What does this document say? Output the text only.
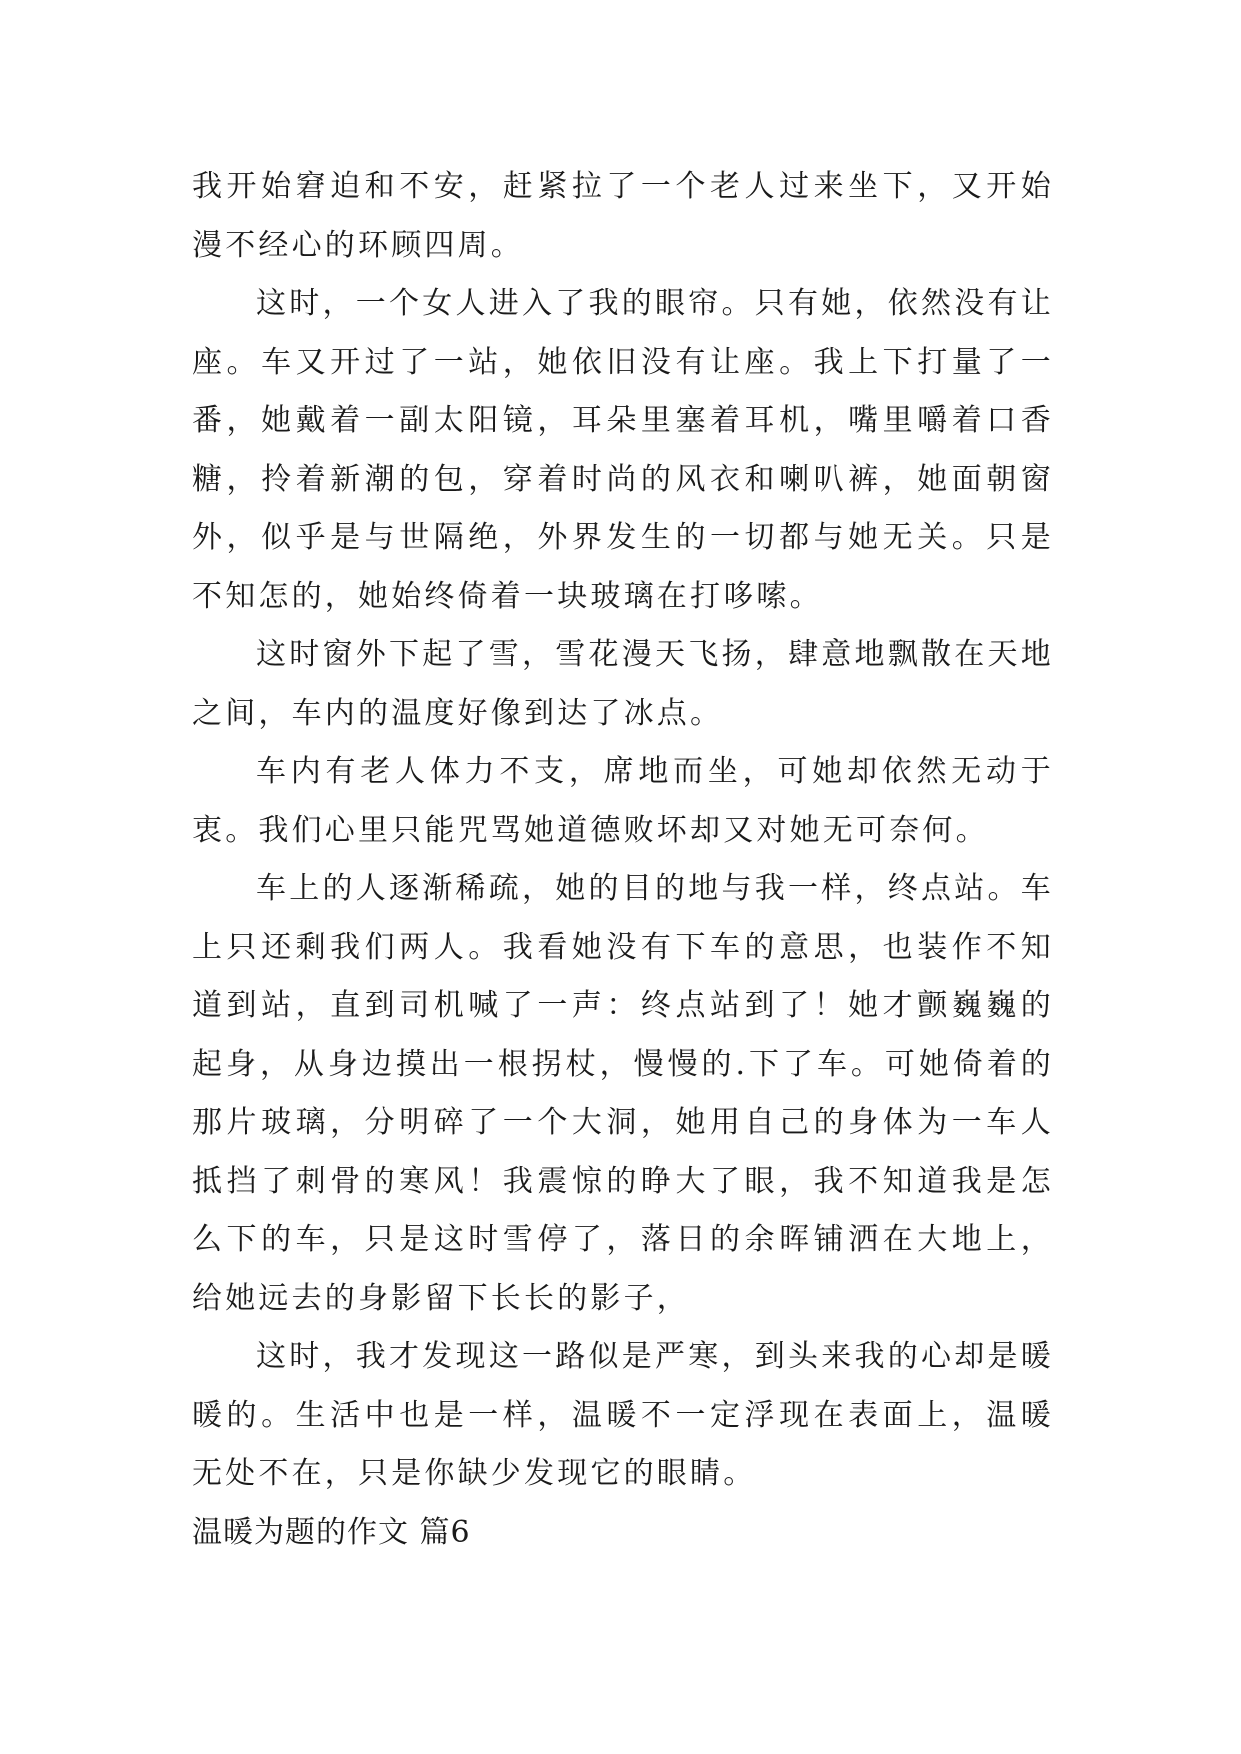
我开始窘迫和不安，赶紧拉了一个老人过来坐下，又开始漫不经心的环顾四周。

这时，一个女人进入了我的眼帘。只有她，依然没有让座。车又开过了一站，她依旧没有让座。我上下打量了一番，她戴着一副太阳镜，耳朵里塞着耳机，嘴里嚼着口香糖，拎着新潮的包，穿着时尚的风衣和喇叭裤，她面朝窗外，似乎是与世隔绝，外界发生的一切都与她无关。只是不知怎的，她始终倚着一块玻璃在打哆嗦。

这时窗外下起了雪，雪花漫天飞扬，肆意地飘散在天地之间，车内的温度好像到达了冰点。

车内有老人体力不支，席地而坐，可她却依然无动于衷。我们心里只能咒骂她道德败坏却又对她无可奈何。

车上的人逐渐稀疏，她的目的地与我一样，终点站。车上只还剩我们两人。我看她没有下车的意思，也装作不知道到站，直到司机喊了一声：终点站到了！她才颤巍巍的起身，从身边摸出一根拐杖，慢慢的.下了车。可她倚着的那片玻璃，分明碎了一个大洞，她用自己的身体为一车人抵挡了刺骨的寒风！我震惊的睁大了眼，我不知道我是怎么下的车，只是这时雪停了，落日的余晖铺洒在大地上，给她远去的身影留下长长的影子，

这时，我才发现这一路似是严寒，到头来我的心却是暖暖的。生活中也是一样，温暖不一定浮现在表面上，温暖无处不在，只是你缺少发现它的眼睛。

温暖为题的作文 篇6
